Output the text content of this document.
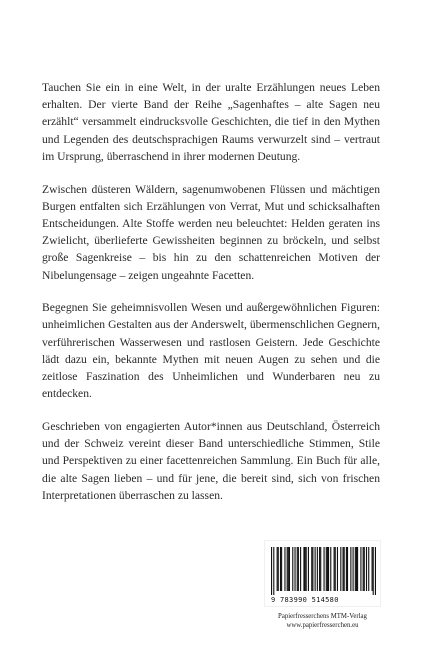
Tauchen Sie ein in eine Welt, in der uralte Erzählungen neues Leben erhalten. Der vierte Band der Reihe „Sagenhaftes – alte Sagen neu erzählt“ versammelt eindrucksvolle Geschichten, die tief in den Mythen und Legenden des deutschsprachigen Raums verwurzelt sind – vertraut im Ursprung, überraschend in ihrer modernen Deutung.

Zwischen düsteren Wäldern, sagenumwobenen Flüssen und mächtigen Burgen entfalten sich Erzählungen von Verrat, Mut und schicksalhaften Entscheidungen. Alte Stoffe werden neu beleuchtet: Helden geraten ins Zwielicht, überlieferte Gewissheiten beginnen zu bröckeln, und selbst große Sagenkreise – bis hin zu den schattenreichen Motiven der Nibelungensage – zeigen ungeahnte Facetten.

Begegnen Sie geheimnisvollen Wesen und außergewöhnlichen Figuren: unheimlichen Gestalten aus der Anderswelt, übermenschlichen Gegnern, verführerischen Wasserwesen und rastlosen Geistern. Jede Geschichte lädt dazu ein, bekannte Mythen mit neuen Augen zu sehen und die zeitlose Faszination des Unheimlichen und Wunderbaren neu zu entdecken.

Geschrieben von engagierten Autor*innen aus Deutschland, Österreich und der Schweiz vereint dieser Band unterschiedliche Stimmen, Stile und Perspektiven zu einer facettenreichen Sammlung. Ein Buch für alle, die alte Sagen lieben – und für jene, die bereit sind, sich von frischen Interpretationen überraschen zu lassen.

9 783990 514580
Papierfresserchens MTM-Verlag
www.papierfresserchen.eu
